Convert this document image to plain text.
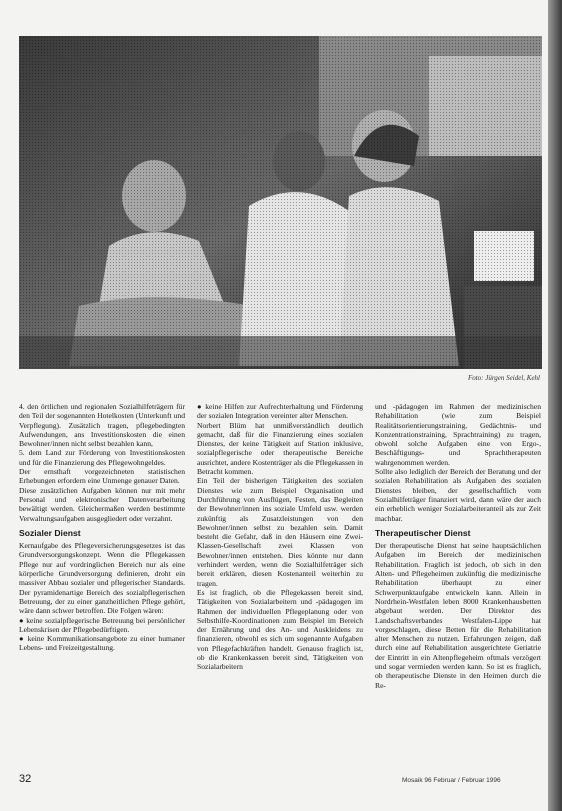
Foto: Jürgen Seidel, Kehl

4. den örtlichen und regionalen Sozialhilfeträgern für den Teil der sogenannten Hotelkosten (Unterkunft und Verpflegung). Zusätzlich tragen, pflegebedingten Aufwendungen, ans Investitionskosten die einen Bewohner/innen nicht selbst bezahlen kann,

5. dem Land zur Förderung von Investitionskosten und für die Finanzierung des Pflegewohngeldes.

Der ernsthaft vorgezeichneten statistischen Erhebungen erfordern eine Unmenge genauer Daten.

Diese zusätzlichen Aufgaben können nur mit mehr Personal und elektronischer Datenverarbeitung bewältigt werden. Gleichermaßen werden bestimmte Verwaltungsaufgaben ausgegliedert oder verzahnt.

Sozialer Dienst

Kernaufgabe des Pflegeversicherungsgesetzes ist das Grundversorgungskonzept. Wenn die Pflegekassen Pflege nur auf vordringlichen Bereich nur als eine körperliche Grundversorgung definieren, droht ein massiver Abbau sozialer und pflegerischer Standards. Der pyramidenartige Bereich des sozialpflegerischen Betreuung, der zu einer ganzheitlichen Pflege gehört, wäre dann schwer betroffen. Die Folgen wären:

● keine sozialpflegerische Betreuung bei persönlicher Lebenskrisen der Pflegebedürftigen.

● keine Kommunikationsangebote zu einer humaner Lebens- und Freizeitgestaltung.

● keine Hilfen zur Aufrechterhaltung und Förderung der sozialen Integration vereinter alter Menschen.

Norbert Blüm hat unmißverständlich deutlich gemacht, daß für die Finanzierung eines sozialen Dienstes, der keine Tätigkeit auf Station inklusive, sozialpflegerische oder therapeutische Bereiche ausrichtet, andere Kostenträger als die Pflegekassen in Betracht kommen.

Ein Teil der bisherigen Tätigkeiten des sozialen Dienstes wie zum Beispiel Organisation und Durchführung von Ausflügen, Festen, das Begleiten der Bewohner/innen ins soziale Umfeld usw. werden zukünftig als Zusatzleistungen von den Bewohner/innen selbst zu bezahlen sein. Damit besteht die Gefahr, daß in den Häusern eine Zwei-Klassen-Gesellschaft zwei Klassen von Bewohner/innen entstehen. Dies könnte nur dann verhindert werden, wenn die Sozialhilfeträger sich bereit erklären, diesen Kostenanteil weiterhin zu tragen.

Es ist fraglich, ob die Pflegekassen bereit sind, Tätigkeiten von Sozialarbeitern und -pädagogen im Rahmen der individuellen Pflegeplanung oder von Selbsthilfe-Koordinationen zum Beispiel im Bereich der Ernährung und des An- und Auskleidens zu finanzieren, obwohl es sich um sogenannte Aufgaben von Pflegefachkräften handelt. Genauso fraglich ist, ob die Krankenkassen bereit sind, Tätigkeiten von Sozialarbeitern

und -pädagogen im Rahmen der medizinischen Rehabilitation (wie zum Beispiel Realitätsorientierungstraining, Gedächtnis- und Konzentrationstraining, Sprachtraining) zu tragen, obwohl solche Aufgaben eine von Ergo-, Beschäftigungs- und Sprachtherapeuten wahrgenommen werden.

Sollte also lediglich der Bereich der Beratung und der sozialen Rehabilitation als Aufgaben des sozialen Dienstes bleiben, der gesellschaftlich vom Sozialhilfeträger finanziert wird, dann wäre der auch ein erheblich weniger Sozialarbeiteranteil als zur Zeit machbar.

Therapeutischer Dienst

Der therapeutische Dienst hat seine hauptsächlichen Aufgaben im Bereich der medizinischen Rehabilitation. Fraglich ist jedoch, ob sich in den Alten- und Pflegeheimen zukünftig die medizinische Rehabilitation überhaupt zu einer Schwerpunktaufgabe entwickeln kann. Allein in Nordrhein-Westfalen leben 8000 Krankenhausbetten abgebaut werden. Der Direktor des Landschaftsverbandes Westfalen-Lippe hat vorgeschlagen, diese Betten für die Rehabilitation alter Menschen zu nutzen. Erfahrungen zeigen, daß durch eine auf Rehabilitation ausgerichtete Geriatrie der Eintritt in ein Altenpflegeheim oftmals verzögert und sogar vermieden werden kann. So ist es fraglich, ob therapeutische Dienste in den Heimen durch die Re-

32	Mosaik 96 Februar / Februar 1996
